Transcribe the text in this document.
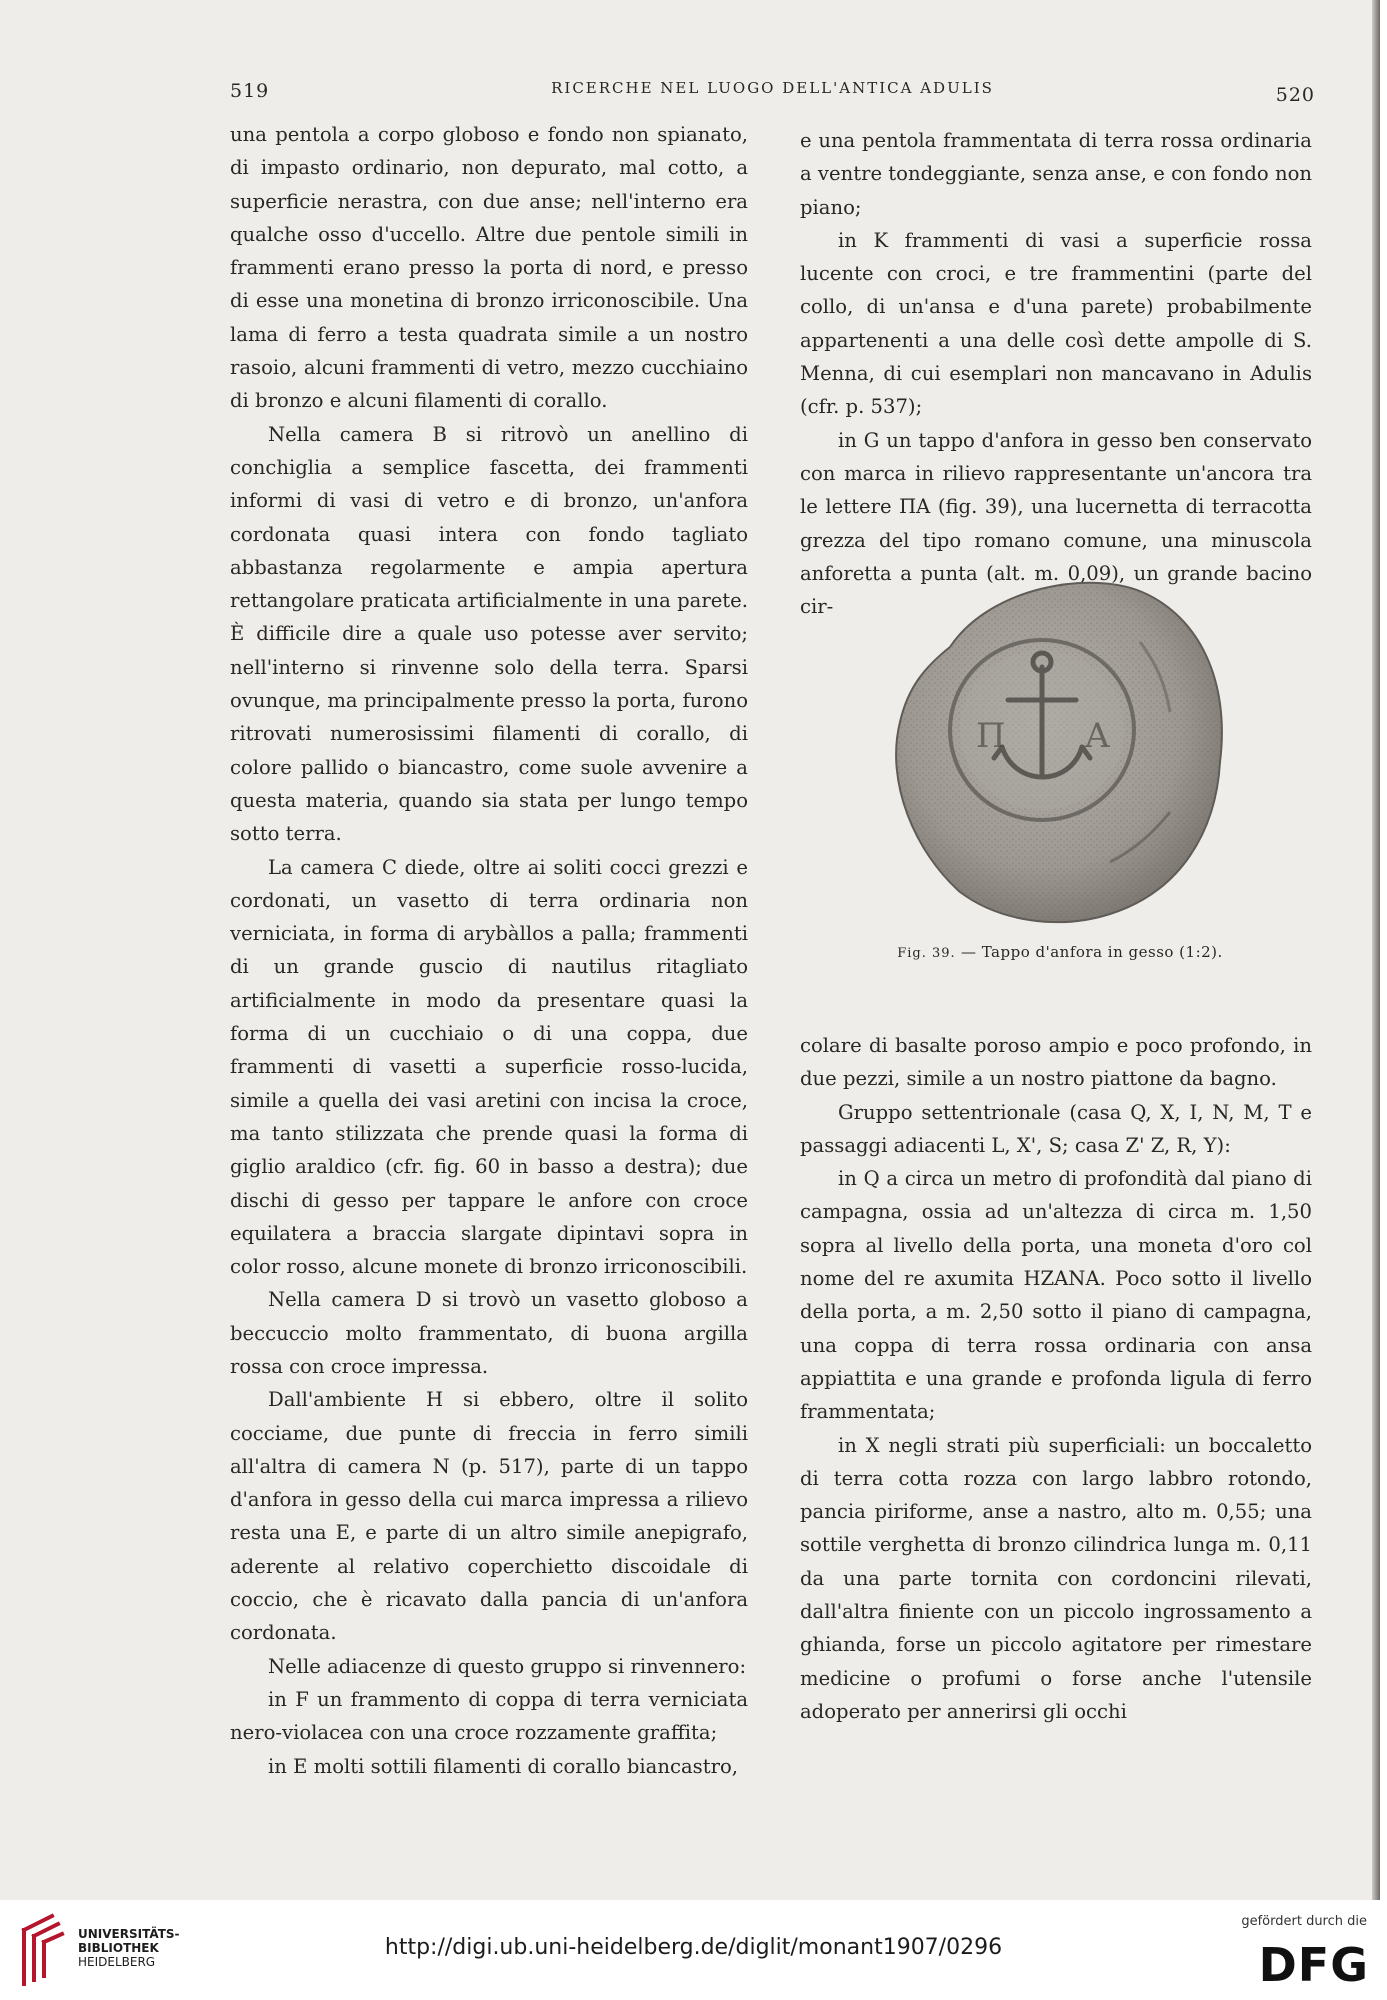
519	RICERCHE NEL LUOGO DELL'ANTICA ADULIS	520

una pentola a corpo globoso e fondo non spianato, di impasto ordinario, non depurato, mal cotto, a superficie nerastra, con due anse; nell'interno era qualche osso d'uccello. Altre due pentole simili in frammenti erano presso la porta di nord, e presso di esse una monetina di bronzo irriconoscibile. Una lama di ferro a testa quadrata simile a un nostro rasoio, alcuni frammenti di vetro, mezzo cucchiaino di bronzo e alcuni filamenti di corallo.

Nella camera B si ritrovò un anellino di conchiglia a semplice fascetta, dei frammenti informi di vasi di vetro e di bronzo, un'anfora cordonata quasi intera con fondo tagliato abbastanza regolarmente e ampia apertura rettangolare praticata artificialmente in una parete. È difficile dire a quale uso potesse aver servito; nell'interno si rinvenne solo della terra. Sparsi ovunque, ma principalmente presso la porta, furono ritrovati numerosissimi filamenti di corallo, di colore pallido o biancastro, come suole avvenire a questa materia, quando sia stata per lungo tempo sotto terra.

La camera C diede, oltre ai soliti cocci grezzi e cordonati, un vasetto di terra ordinaria non verniciata, in forma di arybàllos a palla; frammenti di un grande guscio di nautilus ritagliato artificialmente in modo da presentare quasi la forma di un cucchiaio o di una coppa, due frammenti di vasetti a superficie rosso-lucida, simile a quella dei vasi aretini con incisa la croce, ma tanto stilizzata che prende quasi la forma di giglio araldico (cfr. fig. 60 in basso a destra); due dischi di gesso per tappare le anfore con croce equilatera a braccia slargate dipintavi sopra in color rosso, alcune monete di bronzo irriconoscibili.

Nella camera D si trovò un vasetto globoso a beccuccio molto frammentato, di buona argilla rossa con croce impressa.

Dall'ambiente H si ebbero, oltre il solito cocciame, due punte di freccia in ferro simili all'altra di camera N (p. 517), parte di un tappo d'anfora in gesso della cui marca impressa a rilievo resta una E, e parte di un altro simile anepigrafo, aderente al relativo coperchietto discoidale di coccio, che è ricavato dalla pancia di un'anfora cordonata.

Nelle adiacenze di questo gruppo si rinvennero:

in F un frammento di coppa di terra verniciata nero-violacea con una croce rozzamente graffita;

in E molti sottili filamenti di corallo biancastro,

e una pentola frammentata di terra rossa ordinaria a ventre tondeggiante, senza anse, e con fondo non piano;

in K frammenti di vasi a superficie rossa lucente con croci, e tre frammentini (parte del collo, di un'ansa e d'una parete) probabilmente appartenenti a una delle così dette ampolle di S. Menna, di cui esemplari non mancavano in Adulis (cfr. p. 537);

in G un tappo d'anfora in gesso ben conservato con marca in rilievo rappresentante un'ancora tra le lettere ΠΑ (fig. 39), una lucernetta di terracotta grezza del tipo romano comune, una minuscola anforetta a punta (alt. m. 0,09), un grande bacino cir-

Π Α
Fig. 39. — Tappo d'anfora in gesso (1:2).

colare di basalte poroso ampio e poco profondo, in due pezzi, simile a un nostro piattone da bagno.

Gruppo settentrionale (casa Q, X, I, N, M, T e passaggi adiacenti L, X', S; casa Z' Z, R, Y):

in Q a circa un metro di profondità dal piano di campagna, ossia ad un'altezza di circa m. 1,50 sopra al livello della porta, una moneta d'oro col nome del re axumita HZANA. Poco sotto il livello della porta, a m. 2,50 sotto il piano di campagna, una coppa di terra rossa ordinaria con ansa appiattita e una grande e profonda ligula di ferro frammentata;

in X negli strati più superficiali: un boccaletto di terra cotta rozza con largo labbro rotondo, pancia piriforme, anse a nastro, alto m. 0,55; una sottile verghetta di bronzo cilindrica lunga m. 0,11 da una parte tornita con cordoncini rilevati, dall'altra finiente con un piccolo ingrossamento a ghianda, forse un piccolo agitatore per rimestare medicine o profumi o forse anche l'utensile adoperato per annerirsi gli occhi

UNIVERSITÄTS-
BIBLIOTHEK
HEIDELBERG
http://digi.ub.uni-heidelberg.de/diglit/monant1907/0296
gefördert durch die
DFG
